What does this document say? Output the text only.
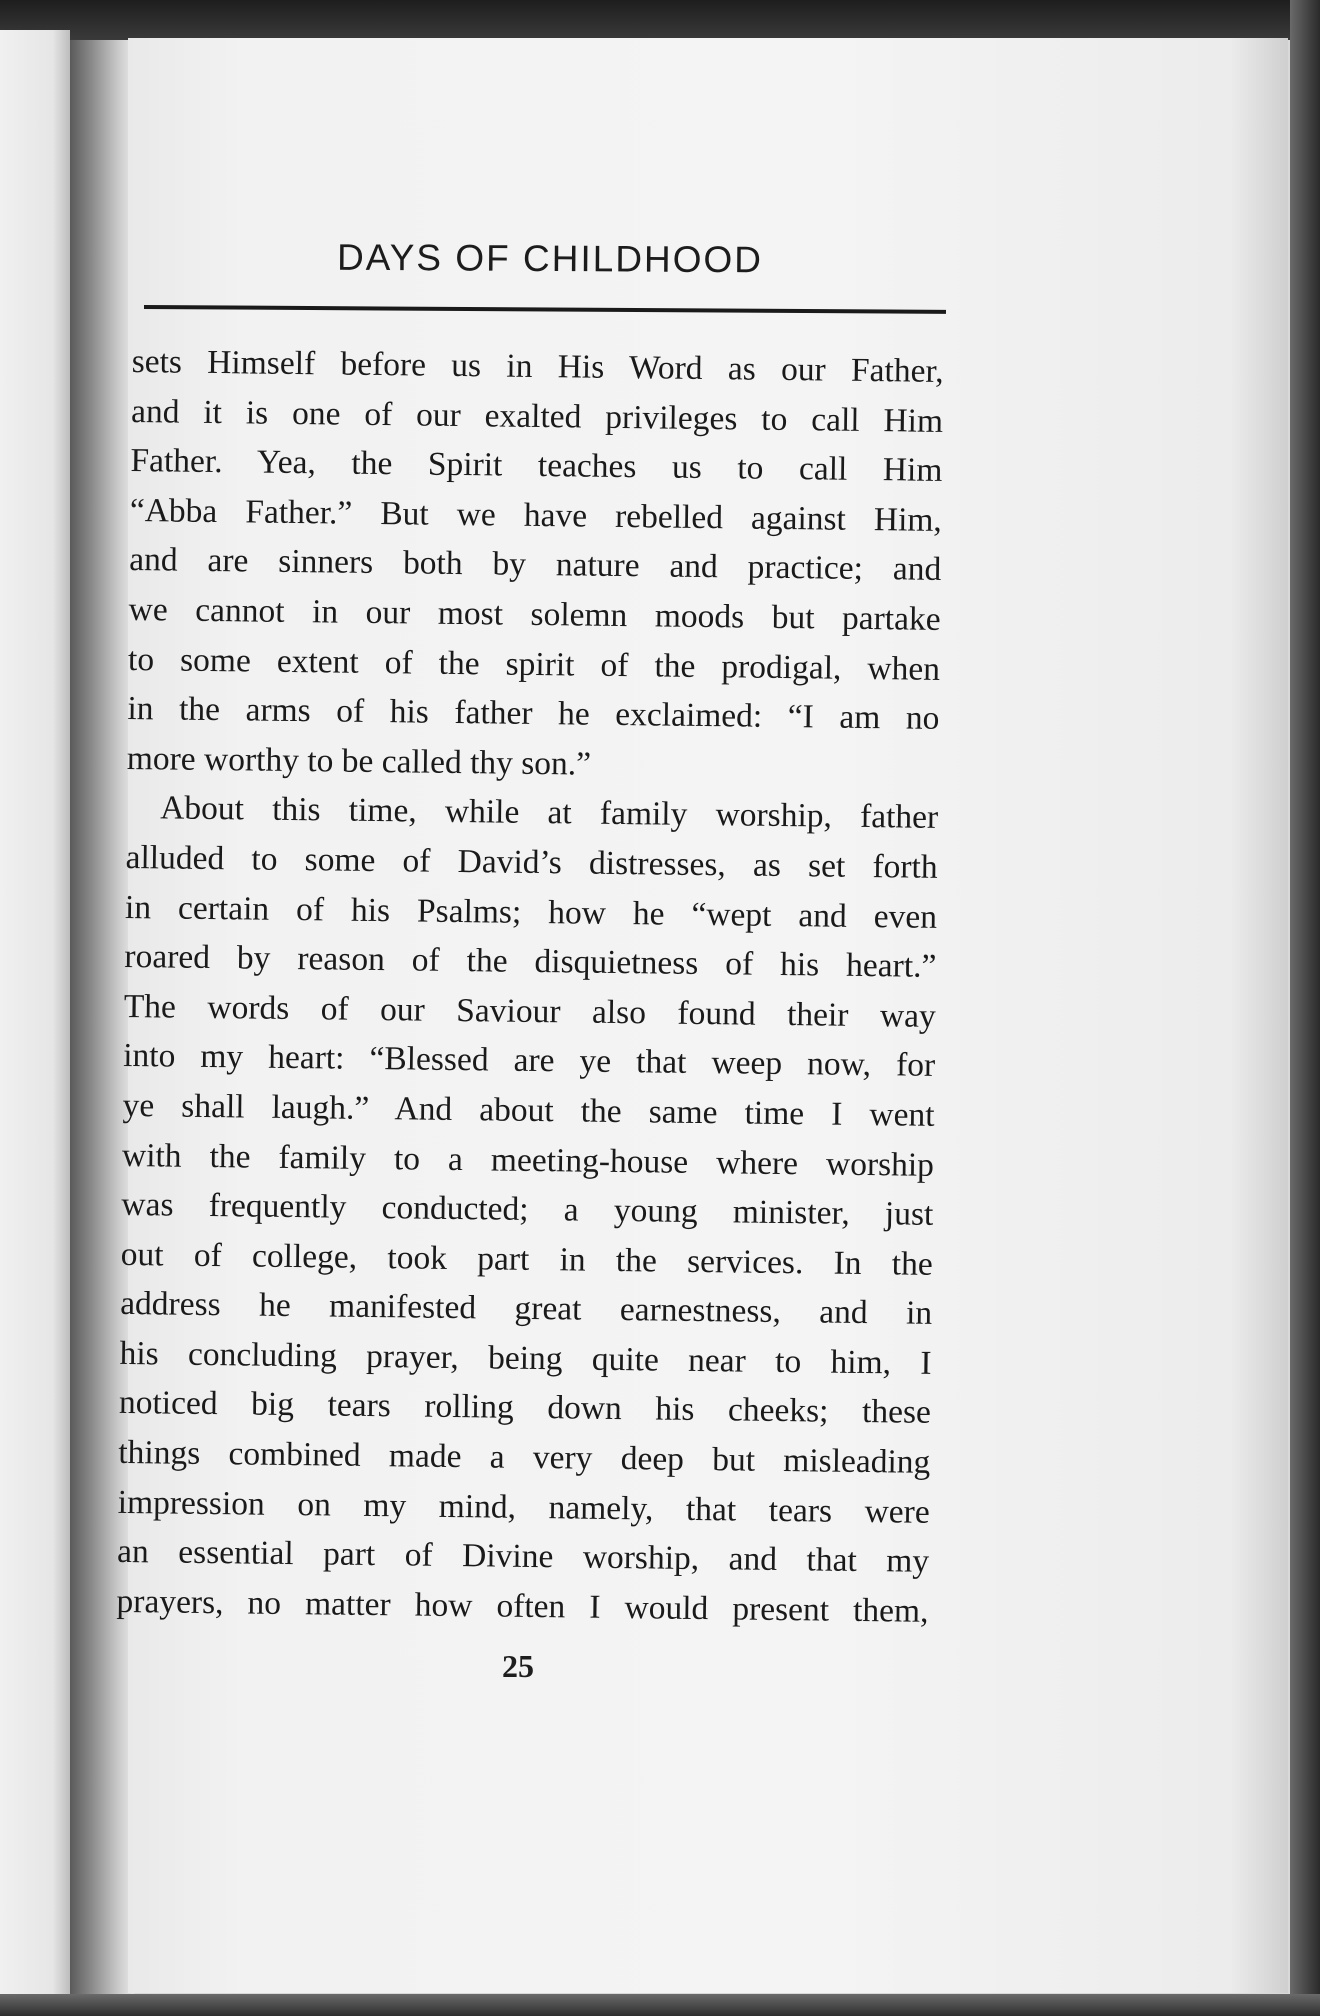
DAYS OF CHILDHOOD
sets Himself before us in His Word as our Father,
and it is one of our exalted privileges to call Him
Father. Yea, the Spirit teaches us to call Him
“Abba Father.” But we have rebelled against Him,
and are sinners both by nature and practice; and
we cannot in our most solemn moods but partake
to some extent of the spirit of the prodigal, when
in the arms of his father he exclaimed: “I am no
more worthy to be called thy son.”
About this time, while at family worship, father
alluded to some of David’s distresses, as set forth
in certain of his Psalms; how he “wept and even
roared by reason of the disquietness of his heart.”
The words of our Saviour also found their way
into my heart: “Blessed are ye that weep now, for
ye shall laugh.” And about the same time I went
with the family to a meeting-house where worship
was frequently conducted; a young minister, just
out of college, took part in the services. In the
address he manifested great earnestness, and in
his concluding prayer, being quite near to him, I
noticed big tears rolling down his cheeks; these
things combined made a very deep but misleading
impression on my mind, namely, that tears were
an essential part of Divine worship, and that my
prayers, no matter how often I would present them,
25
